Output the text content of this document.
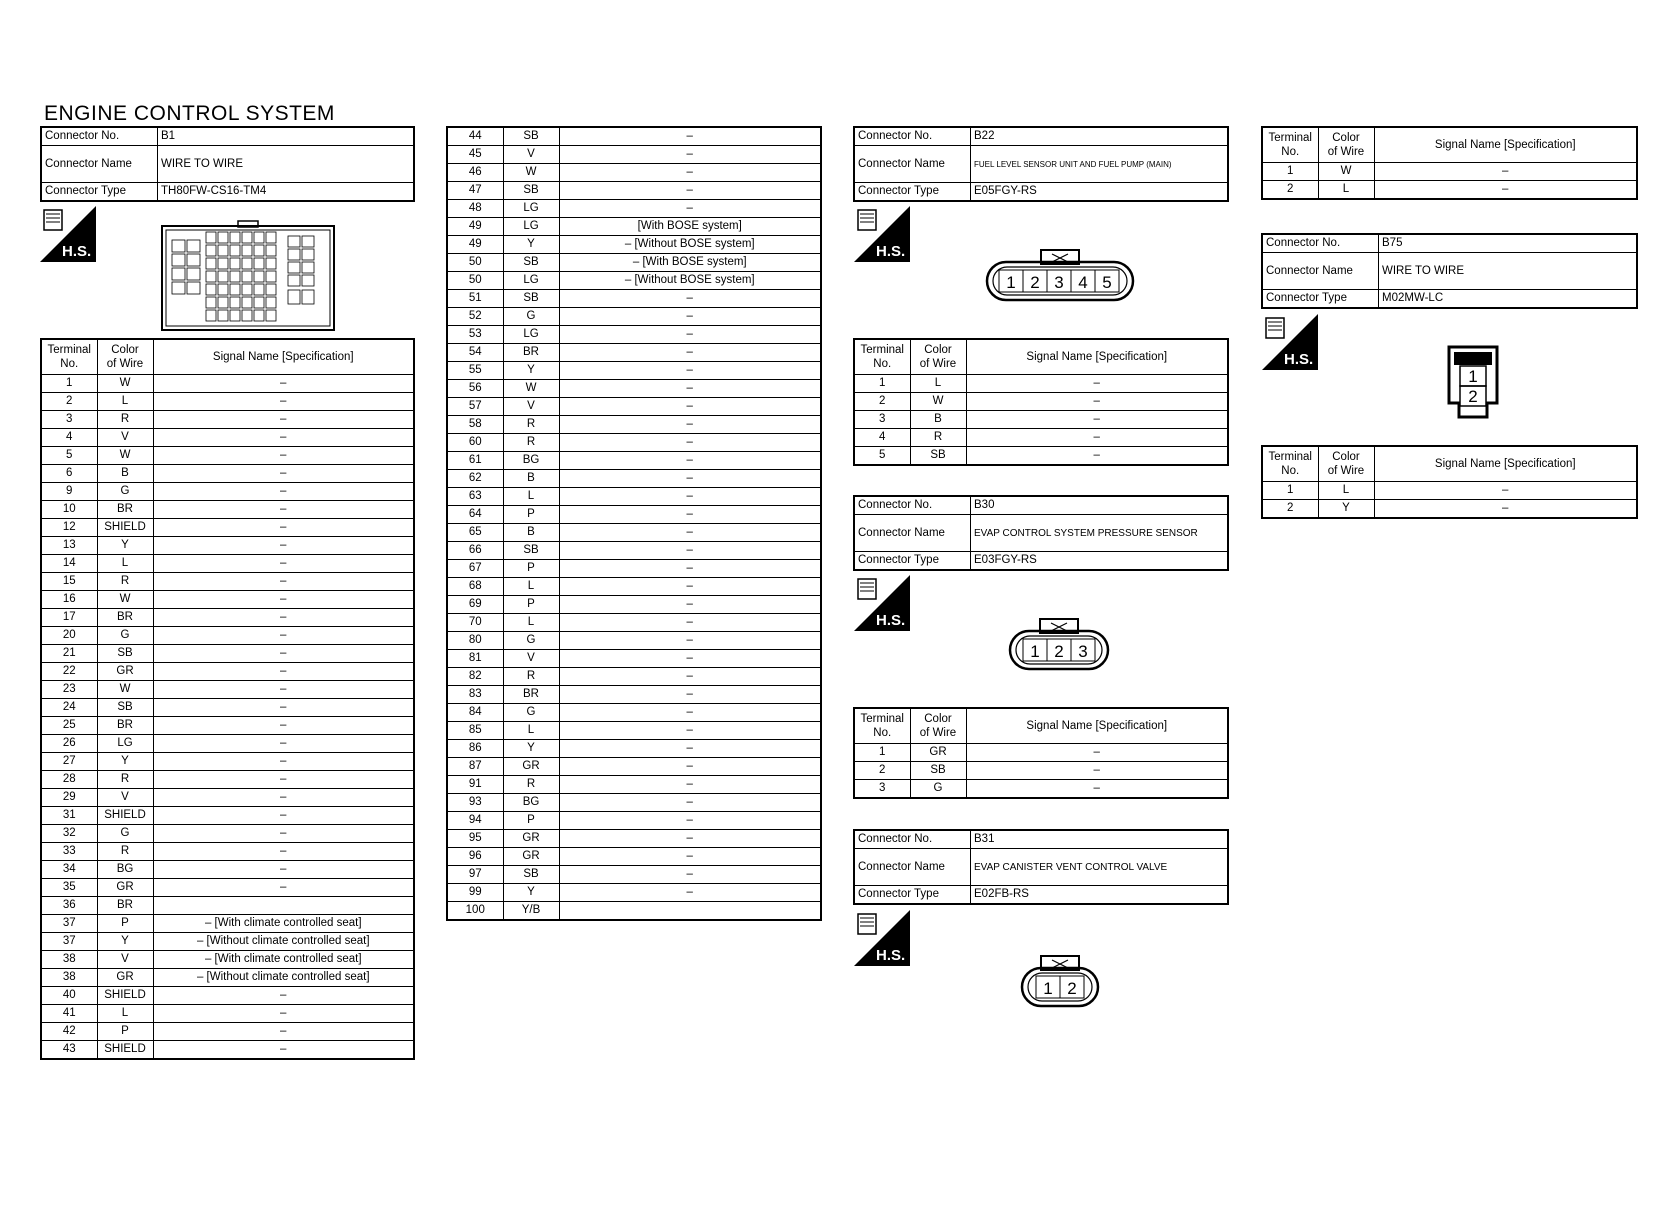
ENGINE CONTROL SYSTEM
Connector No.	B1
Connector Name	WIRE TO WIRE
Connector Type	TH80FW-CS16-TM4
H.S.
Terminal
No.	Color
of Wire	Signal Name [Specification]
1	W	–
2	L	–
3	R	–
4	V	–
5	W	–
6	B	–
9	G	–
10	BR	–
12	SHIELD	–
13	Y	–
14	L	–
15	R	–
16	W	–
17	BR	–
20	G	–
21	SB	–
22	GR	–
23	W	–
24	SB	–
25	BR	–
26	LG	–
27	Y	–
28	R	–
29	V	–
31	SHIELD	–
32	G	–
33	R	–
34	BG	–
35	GR	–
36	BR	
37	P	– [With climate controlled seat]
37	Y	– [Without climate controlled seat]
38	V	– [With climate controlled seat]
38	GR	– [Without climate controlled seat]
40	SHIELD	–
41	L	–
42	P	–
43	SHIELD	–
44	SB	–
45	V	–
46	W	–
47	SB	–
48	LG	–
49	LG	[With BOSE system]
49	Y	– [Without BOSE system]
50	SB	– [With BOSE system]
50	LG	– [Without BOSE system]
51	SB	–
52	G	–
53	LG	–
54	BR	–
55	Y	–
56	W	–
57	V	–
58	R	–
60	R	–
61	BG	–
62	B	–
63	L	–
64	P	–
65	B	–
66	SB	–
67	P	–
68	L	–
69	P	–
70	L	–
80	G	–
81	V	–
82	R	–
83	BR	–
84	G	–
85	L	–
86	Y	–
87	GR	–
91	R	–
93	BG	–
94	P	–
95	GR	–
96	GR	–
97	SB	–
99	Y	–
100	Y/B	
Connector No.	B22
Connector Name	FUEL LEVEL SENSOR UNIT AND FUEL PUMP (MAIN)
Connector Type	E05FGY-RS
H.S.
1 2 3 4 5
Terminal
No.	Color
of Wire	Signal Name [Specification]
1	L	–
2	W	–
3	B	–
4	R	–
5	SB	–
Connector No.	B30
Connector Name	EVAP CONTROL SYSTEM PRESSURE SENSOR
Connector Type	E03FGY-RS
H.S.
1 2 3
Terminal
No.	Color
of Wire	Signal Name [Specification]
1	GR	–
2	SB	–
3	G	–
Connector No.	B31
Connector Name	EVAP CANISTER VENT CONTROL VALVE
Connector Type	E02FB-RS
H.S.
1 2
Terminal
No.	Color
of Wire	Signal Name [Specification]
1	W	–
2	L	–
Connector No.	B75
Connector Name	WIRE TO WIRE
Connector Type	M02MW-LC
H.S.
1
2
Terminal
No.	Color
of Wire	Signal Name [Specification]
1	L	–
2	Y	–
